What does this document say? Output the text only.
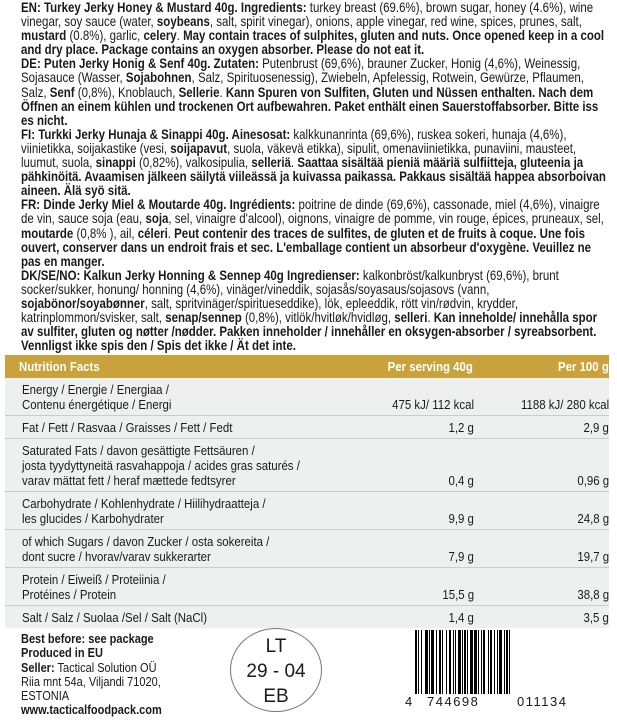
EN: Turkey Jerky Honey & Mustard 40g. Ingredients: turkey breast (69.6%), brown sugar, honey (4.6%), wine vinegar, soy sauce (water, soybeans, salt, spirit vinegar), onions, apple vinegar, red wine, spices, prunes, salt, mustard (0.8%), garlic, celery. May contain traces of sulphites, gluten and nuts. Once opened keep in a cool and dry place. Package contains an oxygen absorber. Please do not eat it.

DE: Puten Jerky Honig & Senf 40g. Zutaten: Putenbrust (69,6%), brauner Zucker, Honig (4,6%), Weinessig, Sojasauce (Wasser, Sojabohnen, Salz, Spirituosenessig), Zwiebeln, Apfelessig, Rotwein, Gewürze, Pflaumen, Salz, Senf (0,8%), Knoblauch, Sellerie. Kann Spuren von Sulfiten, Gluten und Nüssen enthalten. Nach dem Öffnen an einem kühlen und trockenen Ort aufbewahren. Paket enthält einen Sauerstoffabsorber. Bitte iss es nicht.

FI: Turkki Jerky Hunaja & Sinappi 40g. Ainesosat: kalkkunanrinta (69,6%), ruskea sokeri, hunaja (4,6%), viinietikka, soijakastike (vesi, soijapavut, suola, väkevä etikka), sipulit, omenaviinietikka, punaviini, mausteet, luumut, suola, sinappi (0,82%), valkosipulia, selleriä. Saattaa sisältää pieniä määriä sulfiitteja, gluteenia ja pähkinöitä. Avaamisen jälkeen säilytä viileässä ja kuivassa paikassa. Pakkaus sisältää happea absorboivan aineen. Älä syö sitä.

FR: Dinde Jerky Miel & Moutarde 40g. Ingrédients: poitrine de dinde (69,6%), cassonade, miel (4,6%), vinaigre de vin, sauce soja (eau, soja, sel, vinaigre d'alcool), oignons, vinaigre de pomme, vin rouge, épices, pruneaux, sel, moutarde (0,8% ), ail, céleri. Peut contenir des traces de sulfites, de gluten et de fruits à coque. Une fois ouvert, conserver dans un endroit frais et sec. L'emballage contient un absorbeur d'oxygène. Veuillez ne pas en manger.

DK/SE/NO: Kalkun Jerky Honning & Sennep 40g Ingredienser: kalkonbröst/kalkunbryst (69,6%), brunt socker/sukker, honung/ honning (4,6%), vinäger/vineddik, sojasås/soyasaus/sojasovs (vann, sojabönor/soyabønner, salt, spritvinäger/spiritueseddike), lök, epleeddik, rött vin/rødvin, krydder, katrinplommon/svisker, salt, senap/sennep (0,8%), vitlök/hvitløk/hvidløg, selleri. Kan inneholde/ innehålla spor av sulfiter, gluten og nøtter /nødder. Pakken inneholder / innehåller en oksygen-absorber / syreabsorbent. Vennligst ikke spis den / Spis det ikke / Ät det inte.

Nutrition Facts	Per serving 40g	Per 100 g
Energy / Energie / Energiaa /
Contenu énergétique / Energi	475 kJ/ 112 kcal	1188 kJ/ 280 kcal
Fat / Fett / Rasvaa / Graisses / Fett / Fedt	1,2 g	2,9 g
Saturated Fats / davon gesättigte Fettsäuren /
josta tyydyttyneitä rasvahappoja / acides gras saturés /
varav mättat fett / heraf mættede fedtsyrer	0,4 g	0,96 g
Carbohydrate / Kohlenhydrate / Hiilihydraatteja /
les glucides / Karbohydrater	9,9 g	24,8 g
of which Sugars / davon Zucker / osta sokereita /
dont sucre / hvorav/varav sukkerarter	7,9 g	19,7 g
Protein / Eiweiß / Proteiinia /
Protéines / Protein	15,5 g	38,8 g
Salt / Salz / Suolaa /Sel / Salt (NaCl)	1,4 g	3,5 g
Best before: see package
Produced in EU
Seller: Tactical Solution OÜ
Riia mnt 54a, Viljandi 71020,
ESTONIA
www.tacticalfoodpack.com
LT
29 - 04
EB	4 744698	011134
